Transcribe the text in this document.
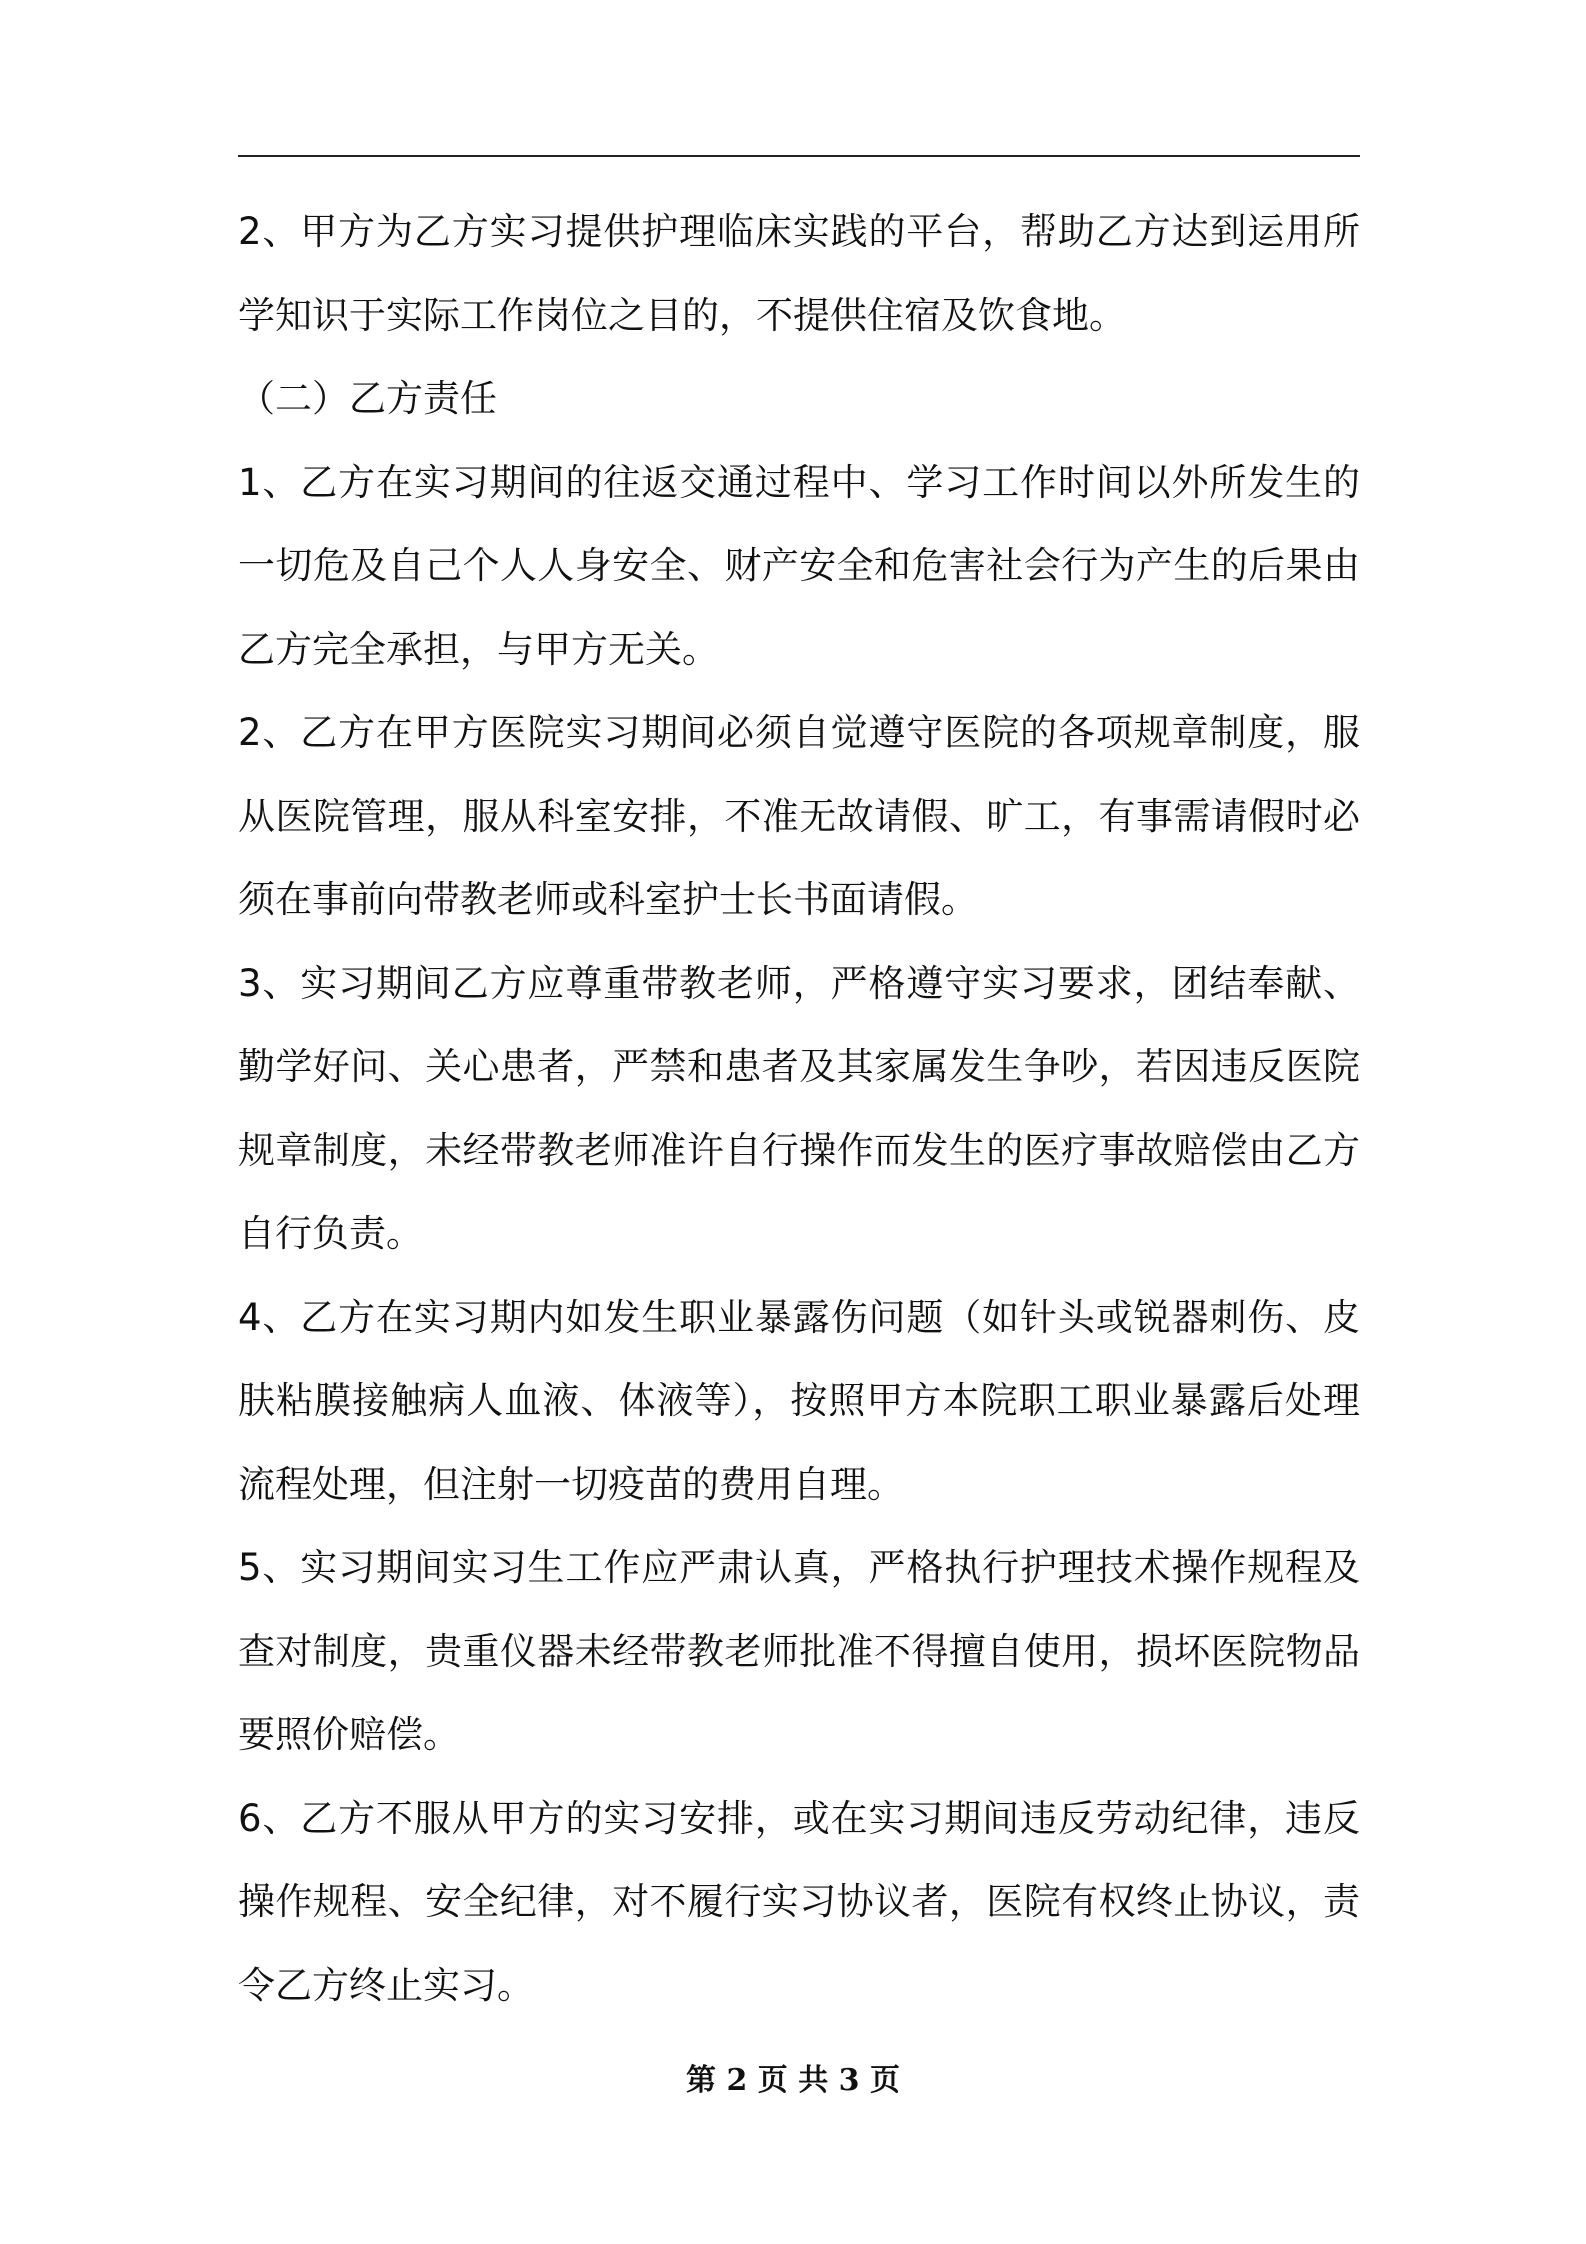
2、甲方为乙方实习提供护理临床实践的平台，帮助乙方达到运用所学知识于实际工作岗位之目的，不提供住宿及饮食地。

（二）乙方责任

1、乙方在实习期间的往返交通过程中、学习工作时间以外所发生的一切危及自己个人人身安全、财产安全和危害社会行为产生的后果由乙方完全承担，与甲方无关。

2、乙方在甲方医院实习期间必须自觉遵守医院的各项规章制度，服从医院管理，服从科室安排，不准无故请假、旷工，有事需请假时必须在事前向带教老师或科室护士长书面请假。

3、实习期间乙方应尊重带教老师，严格遵守实习要求，团结奉献、勤学好问、关心患者，严禁和患者及其家属发生争吵，若因违反医院规章制度，未经带教老师准许自行操作而发生的医疗事故赔偿由乙方自行负责。

4、乙方在实习期内如发生职业暴露伤问题（如针头或锐器刺伤、皮肤粘膜接触病人血液、体液等），按照甲方本院职工职业暴露后处理流程处理，但注射一切疫苗的费用自理。

5、实习期间实习生工作应严肃认真，严格执行护理技术操作规程及查对制度，贵重仪器未经带教老师批准不得擅自使用，损坏医院物品要照价赔偿。

6、乙方不服从甲方的实习安排，或在实习期间违反劳动纪律，违反操作规程、安全纪律，对不履行实习协议者，医院有权终止协议，责令乙方终止实习。

第 2 页 共 3 页
